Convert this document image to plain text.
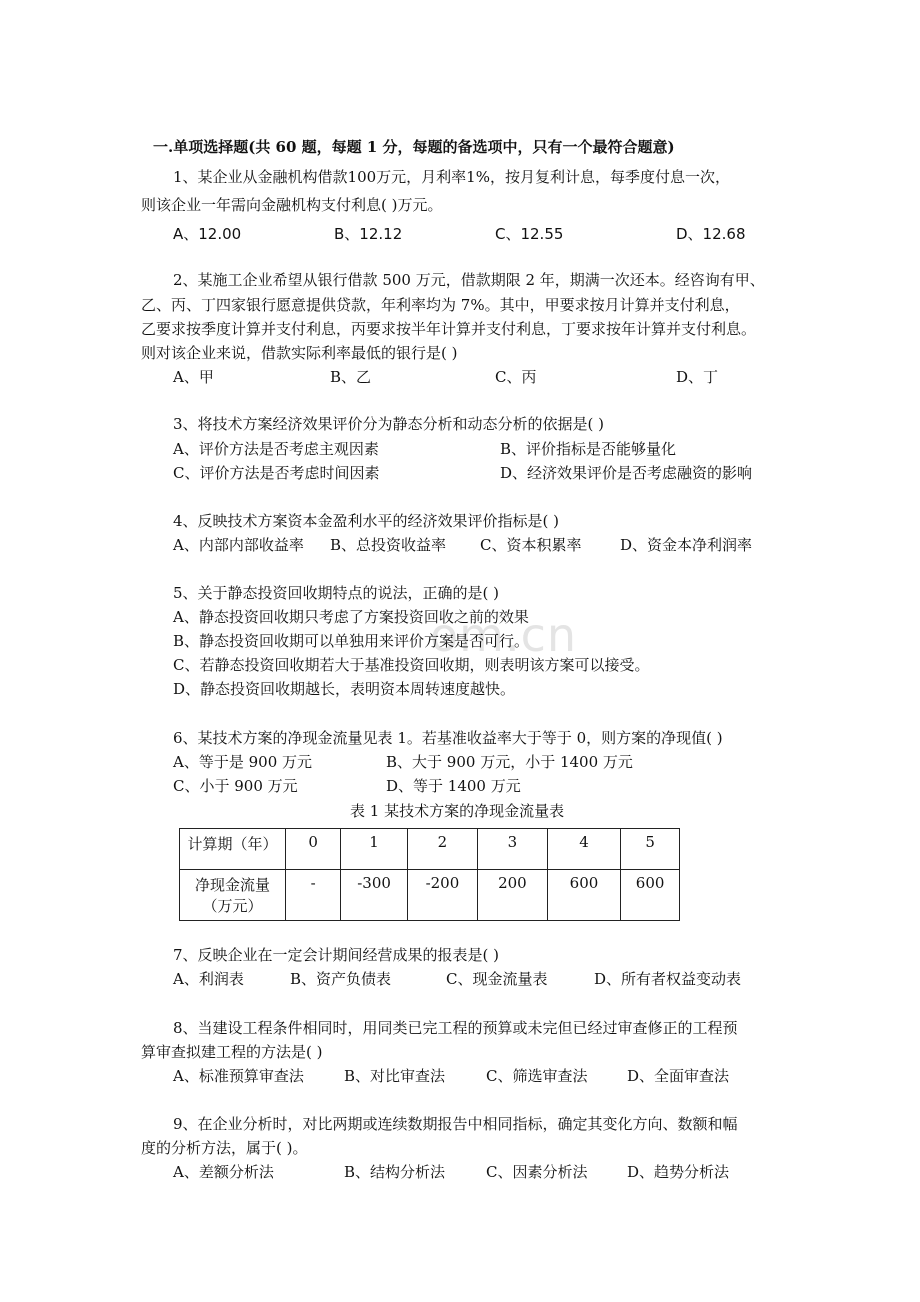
om.cn
一.单项选择题(共 60 题，每题 1 分，每题的备选项中，只有一个最符合题意)
1、某企业从金融机构借款100万元，月利率1%，按月复利计息，每季度付息一次，
则该企业一年需向金融机构支付利息( )万元。
A、12.00	B、12.12	C、12.55	D、12.68
2、某施工企业希望从银行借款 500 万元，借款期限 2 年，期满一次还本。经咨询有甲、
乙、丙、丁四家银行愿意提供贷款，年利率均为 7%。其中，甲要求按月计算并支付利息，
乙要求按季度计算并支付利息，丙要求按半年计算并支付利息，丁要求按年计算并支付利息。
则对该企业来说，借款实际利率最低的银行是( )
A、甲	B、乙	C、丙	D、丁
3、将技术方案经济效果评价分为静态分析和动态分析的依据是( )
A、评价方法是否考虑主观因素	B、评价指标是否能够量化
C、评价方法是否考虑时间因素	D、经济效果评价是否考虑融资的影响
4、反映技术方案资本金盈利水平的经济效果评价指标是( )
A、内部内部收益率 B、总投资收益率 C、资本积累率	D、资金本净利润率
5、关于静态投资回收期特点的说法，正确的是( )
A、静态投资回收期只考虑了方案投资回收之前的效果
B、静态投资回收期可以单独用来评价方案是否可行。
C、若静态投资回收期若大于基准投资回收期，则表明该方案可以接受。
D、静态投资回收期越长，表明资本周转速度越快。
6、某技术方案的净现金流量见表 1。若基准收益率大于等于 0，则方案的净现值( )
A、等于是 900 万元	B、大于 900 万元，小于 1400 万元
C、小于 900 万元	D、等于 1400 万元
表 1 某技术方案的净现金流量表
计算期（年）	0	1	2	3	4	5

净现金流量
（万元）	-	-300	-200	200	600	600
7、反映企业在一定会计期间经营成果的报表是( )
A、利润表	B、资产负债表	C、现金流量表	D、所有者权益变动表
8、当建设工程条件相同时，用同类已完工程的预算或未完但已经过审查修正的工程预
算审查拟建工程的方法是( )
A、标准预算审查法	B、对比审查法	C、筛选审查法	D、全面审查法
9、在企业分析时，对比两期或连续数期报告中相同指标，确定其变化方向、数额和幅
度的分析方法，属于( )。
A、差额分析法	B、结构分析法	C、因素分析法	D、趋势分析法
